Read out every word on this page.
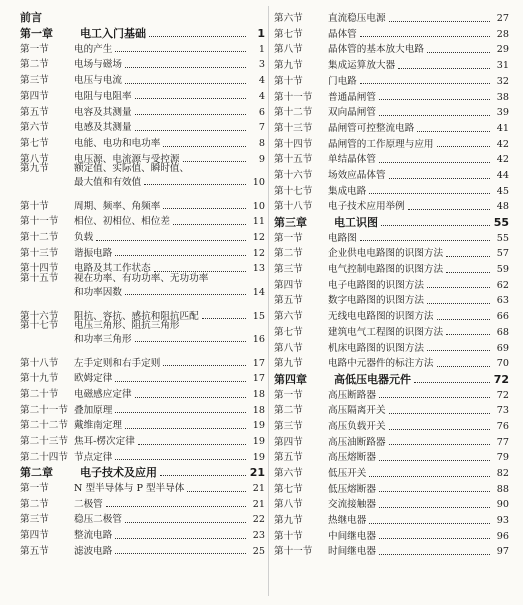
前言
第一章	电工入门基础	1
第一节	电的产生	1
第二节	电场与磁场	3
第三节	电压与电流	4
第四节	电阻与电阻率	4
第五节	电容及其测量	6
第六节	电感及其测量	7
第七节	电能、电功和电功率	8
第八节	电压源、电流源与受控源	9
第九节	额定值、实际值、瞬时值、
最大值和有效值	10
第十节	周期、频率、角频率	10
第十一节	相位、初相位、相位差	11
第十二节	负载	12
第十三节	谐振电路	12
第十四节	电路及其工作状态	13
第十五节	视在功率、有功功率、无功功率
和功率因数	14
第十六节	阻抗、容抗、感抗和阻抗匹配	15
第十七节	电压三角形、阻抗三角形
和功率三角形	16
第十八节	左手定则和右手定则	17
第十九节	欧姆定律	17
第二十节	电磁感应定律	18
第二十一节 叠加原理	18
第二十二节 戴维南定理	19
第二十三节 焦耳-楞次定律	19
第二十四节 节点定律	19
第二章	电子技术及应用	21
第一节	N 型半导体与 P 型半导体	21
第二节	二极管	21
第三节	稳压二极管	22
第四节	整流电路	23
第五节	滤波电路	25
第六节	直流稳压电源	27
第七节	晶体管	28
第八节	晶体管的基本放大电路	29
第九节	集成运算放大器	31
第十节	门电路	32
第十一节	普通晶闸管	38
第十二节	双向晶闸管	39
第十三节	晶闸管可控整流电路	41
第十四节	晶闸管的工作原理与应用	42
第十五节	单结晶体管	42
第十六节	场效应晶体管	44
第十七节	集成电路	45
第十八节	电子技术应用举例	48
第三章	电工识图	55
第一节	电路图	55
第二节	企业供电电路图的识图方法	57
第三节	电气控制电路图的识图方法	59
第四节	电子电路图的识图方法	62
第五节	数字电路图的识图方法	63
第六节	无线电电路图的识图方法	66
第七节	建筑电气工程图的识图方法	68
第八节	机床电路图的识图方法	69
第九节	电路中元器件的标注方法	70
第四章	高低压电器元件	72
第一节	高压断路器	72
第二节	高压隔离开关	73
第三节	高压负载开关	76
第四节	高压油断路器	77
第五节	高压熔断器	79
第六节	低压开关	82
第七节	低压熔断器	88
第八节	交流接触器	90
第九节	热继电器	93
第十节	中间继电器	96
第十一节	时间继电器	97
